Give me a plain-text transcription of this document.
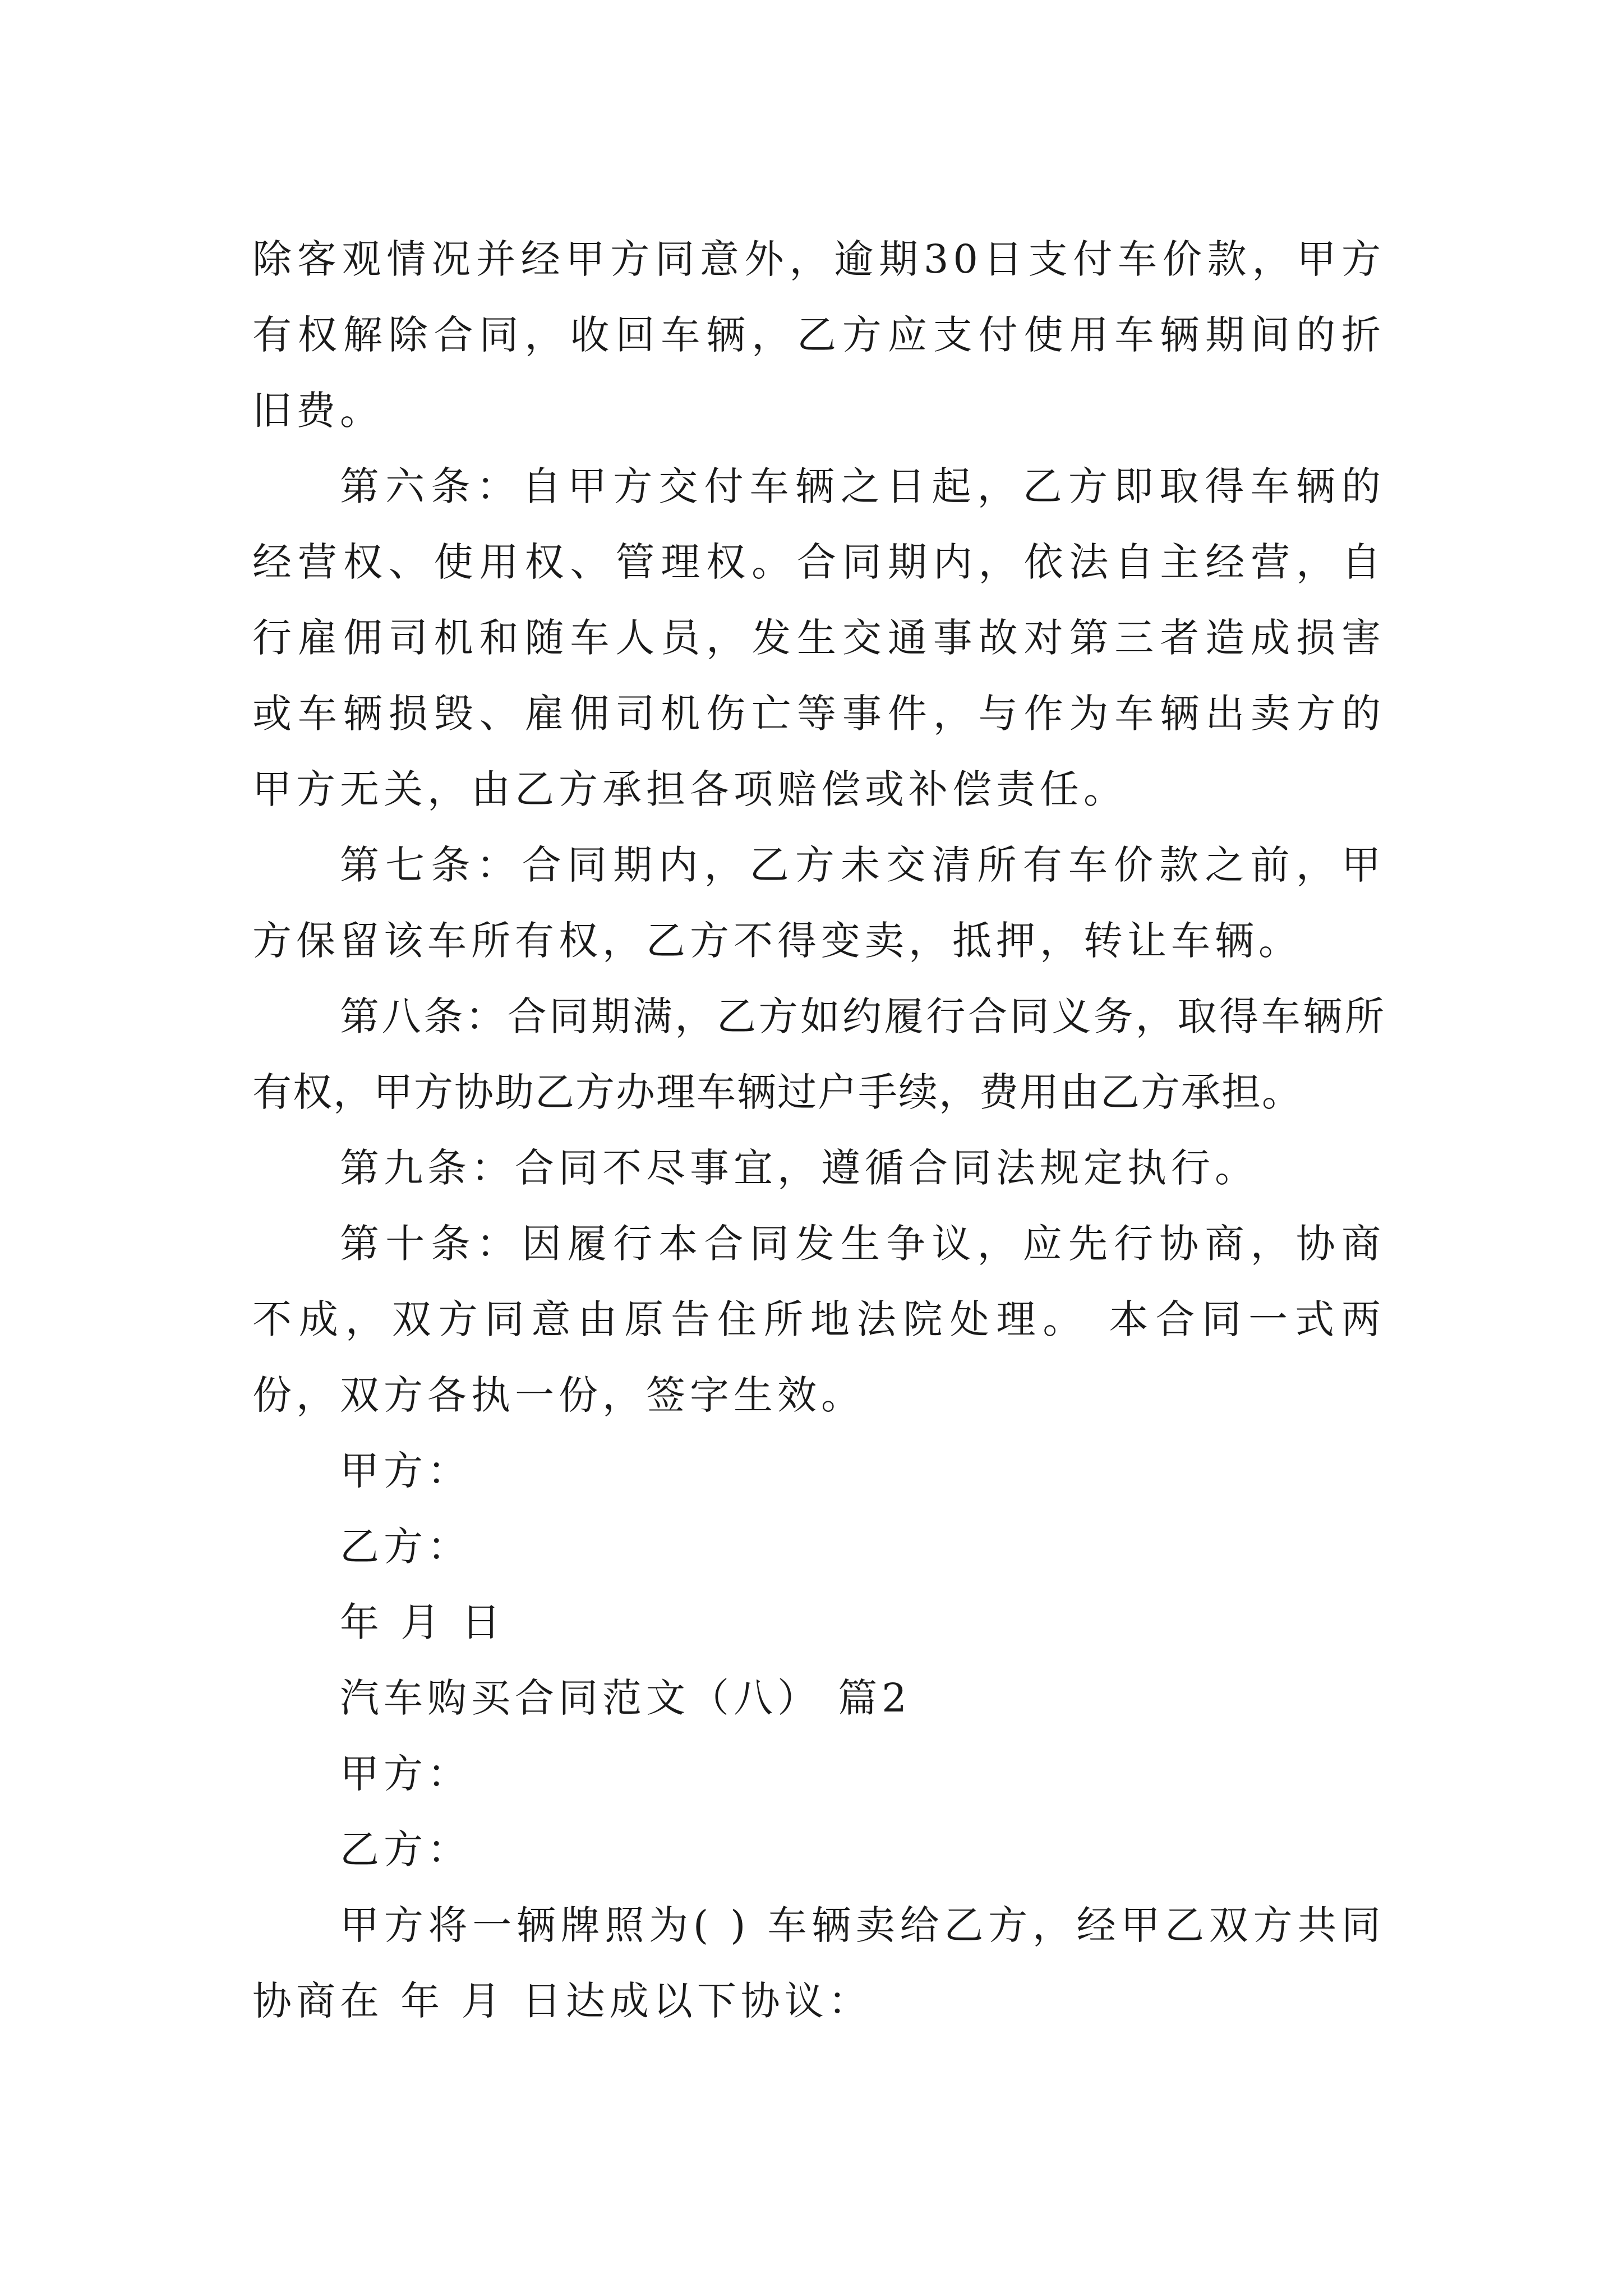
除客观情况并经甲方同意外，逾期30日支付车价款，甲方有权解除合同，收回车辆，乙方应支付使用车辆期间的折旧费。

第六条：自甲方交付车辆之日起，乙方即取得车辆的经营权、使用权、管理权。合同期内，依法自主经营，自行雇佣司机和随车人员，发生交通事故对第三者造成损害或车辆损毁、雇佣司机伤亡等事件，与作为车辆出卖方的甲方无关，由乙方承担各项赔偿或补偿责任。

第七条：合同期内，乙方未交清所有车价款之前，甲方保留该车所有权，乙方不得变卖，抵押，转让车辆。

第八条：合同期满，乙方如约履行合同义务，取得车辆所有权，甲方协助乙方办理车辆过户手续，费用由乙方承担。

第九条：合同不尽事宜，遵循合同法规定执行。

第十条：因履行本合同发生争议，应先行协商，协商不成，双方同意由原告住所地法院处理。 本合同一式两份，双方各执一份，签字生效。

甲方：

乙方：

年 月 日

汽车购买合同范文（八） 篇2

甲方：

乙方：

甲方将一辆牌照为( ) 车辆卖给乙方，经甲乙双方共同协商在 年 月 日达成以下协议：
